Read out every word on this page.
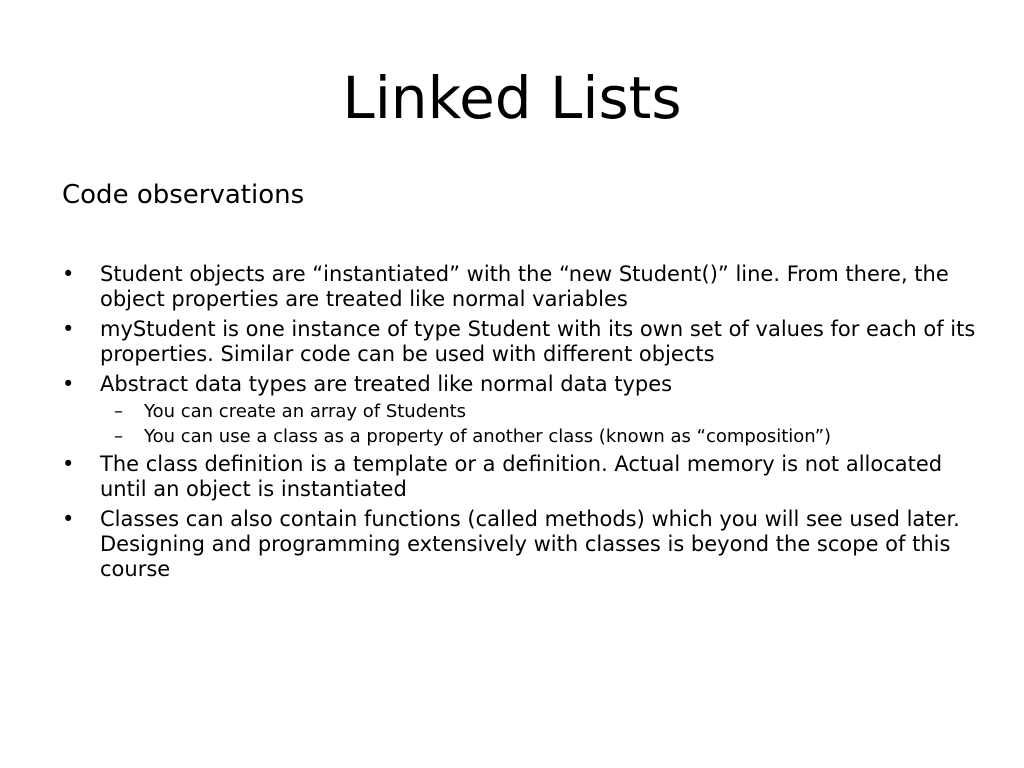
Linked Lists

Code observations

•	Student objects are “instantiated” with the “new Student()” line. From there, the object properties are treated like normal variables
•	myStudent is one instance of type Student with its own set of values for each of its properties. Similar code can be used with different objects
•	Abstract data types are treated like normal data types
–	You can create an array of Students
–	You can use a class as a property of another class (known as “composition”)
•	The class definition is a template or a definition. Actual memory is not allocated until an object is instantiated
•	Classes can also contain functions (called methods) which you will see used later. Designing and programming extensively with classes is beyond the scope of this course
